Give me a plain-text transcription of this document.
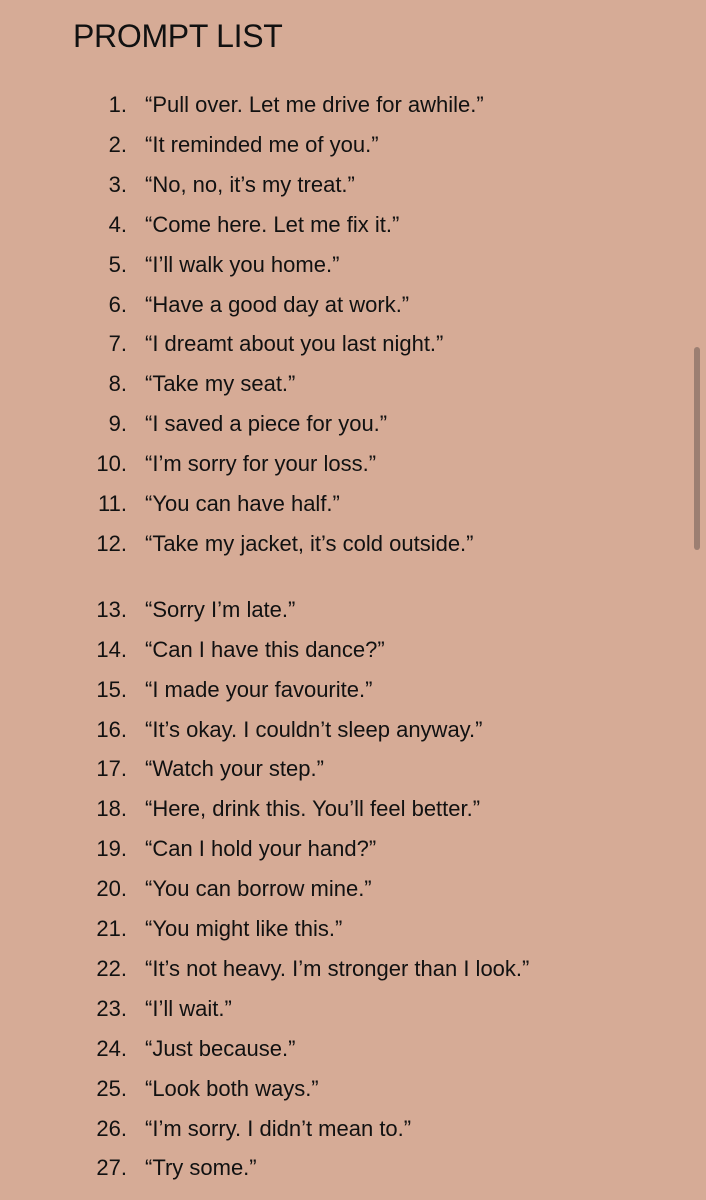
PROMPT LIST
1. “Pull over. Let me drive for awhile.”
2. “It reminded me of you.”
3. “No, no, it’s my treat.”
4. “Come here. Let me fix it.”
5. “I’ll walk you home.”
6. “Have a good day at work.”
7. “I dreamt about you last night.”
8. “Take my seat.”
9. “I saved a piece for you.”
10. “I’m sorry for your loss.”
11. “You can have half.”
12. “Take my jacket, it’s cold outside.”
13. “Sorry I’m late.”
14. “Can I have this dance?”
15. “I made your favourite.”
16. “It’s okay. I couldn’t sleep anyway.”
17. “Watch your step.”
18. “Here, drink this. You’ll feel better.”
19. “Can I hold your hand?”
20. “You can borrow mine.”
21. “You might like this.”
22. “It’s not heavy. I’m stronger than I look.”
23. “I’ll wait.”
24. “Just because.”
25. “Look both ways.”
26. “I’m sorry. I didn’t mean to.”
27. “Try some.”
